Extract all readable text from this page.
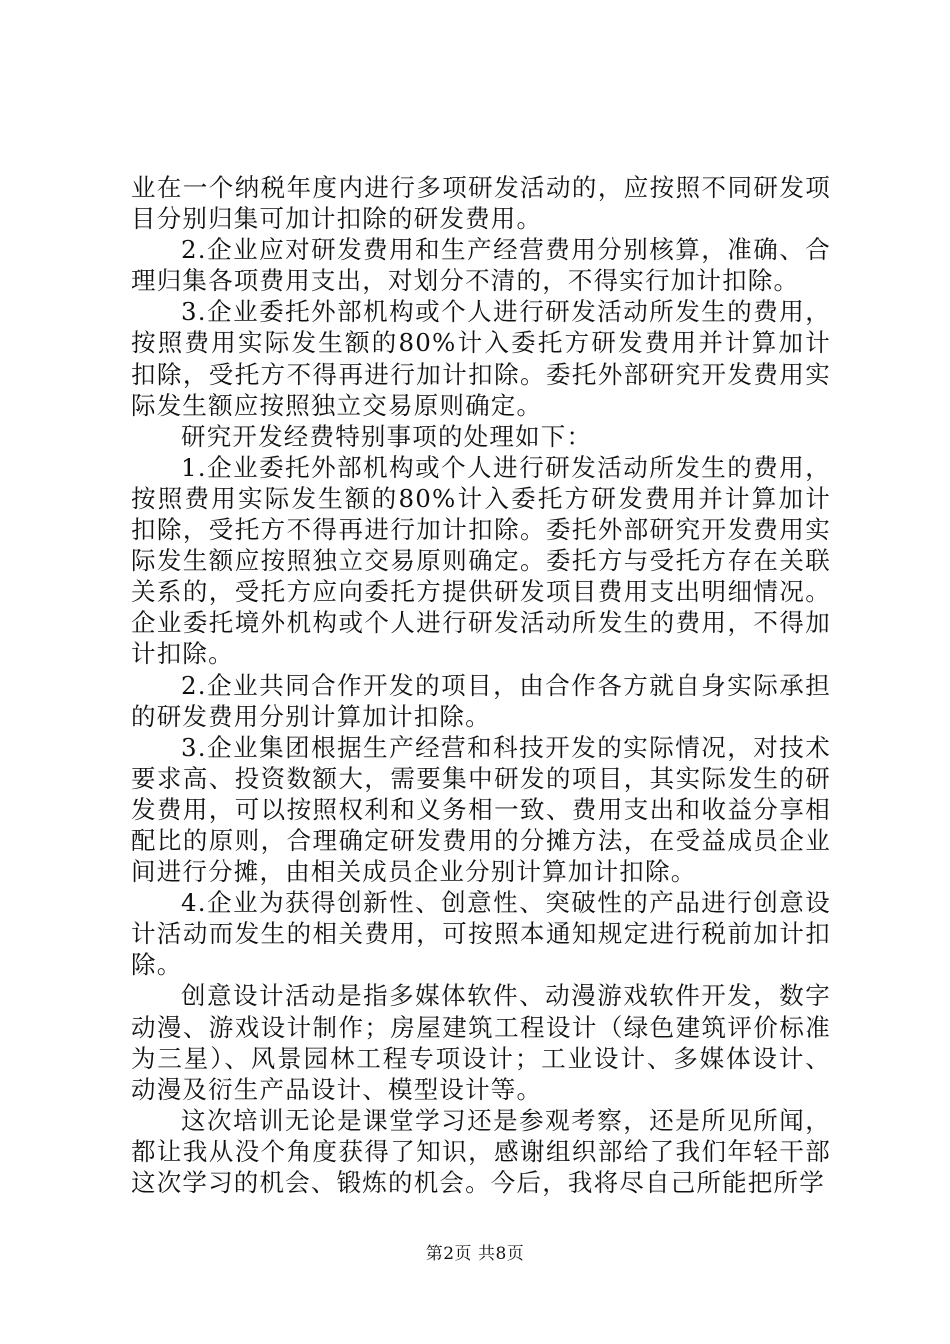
业在一个纳税年度内进行多项研发活动的，应按照不同研发项目分别归集可加计扣除的研发费用。

2.企业应对研发费用和生产经营费用分别核算，准确、合理归集各项费用支出，对划分不清的，不得实行加计扣除。

3.企业委托外部机构或个人进行研发活动所发生的费用，按照费用实际发生额的80%计入委托方研发费用并计算加计扣除，受托方不得再进行加计扣除。委托外部研究开发费用实际发生额应按照独立交易原则确定。

研究开发经费特别事项的处理如下：

1.企业委托外部机构或个人进行研发活动所发生的费用，按照费用实际发生额的80%计入委托方研发费用并计算加计扣除，受托方不得再进行加计扣除。委托外部研究开发费用实际发生额应按照独立交易原则确定。委托方与受托方存在关联关系的，受托方应向委托方提供研发项目费用支出明细情况。企业委托境外机构或个人进行研发活动所发生的费用，不得加计扣除。

2.企业共同合作开发的项目，由合作各方就自身实际承担的研发费用分别计算加计扣除。

3.企业集团根据生产经营和科技开发的实际情况，对技术要求高、投资数额大，需要集中研发的项目，其实际发生的研发费用，可以按照权利和义务相一致、费用支出和收益分享相配比的原则，合理确定研发费用的分摊方法，在受益成员企业间进行分摊，由相关成员企业分别计算加计扣除。

4.企业为获得创新性、创意性、突破性的产品进行创意设计活动而发生的相关费用，可按照本通知规定进行税前加计扣除。

创意设计活动是指多媒体软件、动漫游戏软件开发，数字动漫、游戏设计制作；房屋建筑工程设计（绿色建筑评价标准为三星）、风景园林工程专项设计；工业设计、多媒体设计、动漫及衍生产品设计、模型设计等。

这次培训无论是课堂学习还是参观考察，还是所见所闻，都让我从没个角度获得了知识，感谢组织部给了我们年轻干部这次学习的机会、锻炼的机会。今后，我将尽自己所能把所学

第2页 共8页
